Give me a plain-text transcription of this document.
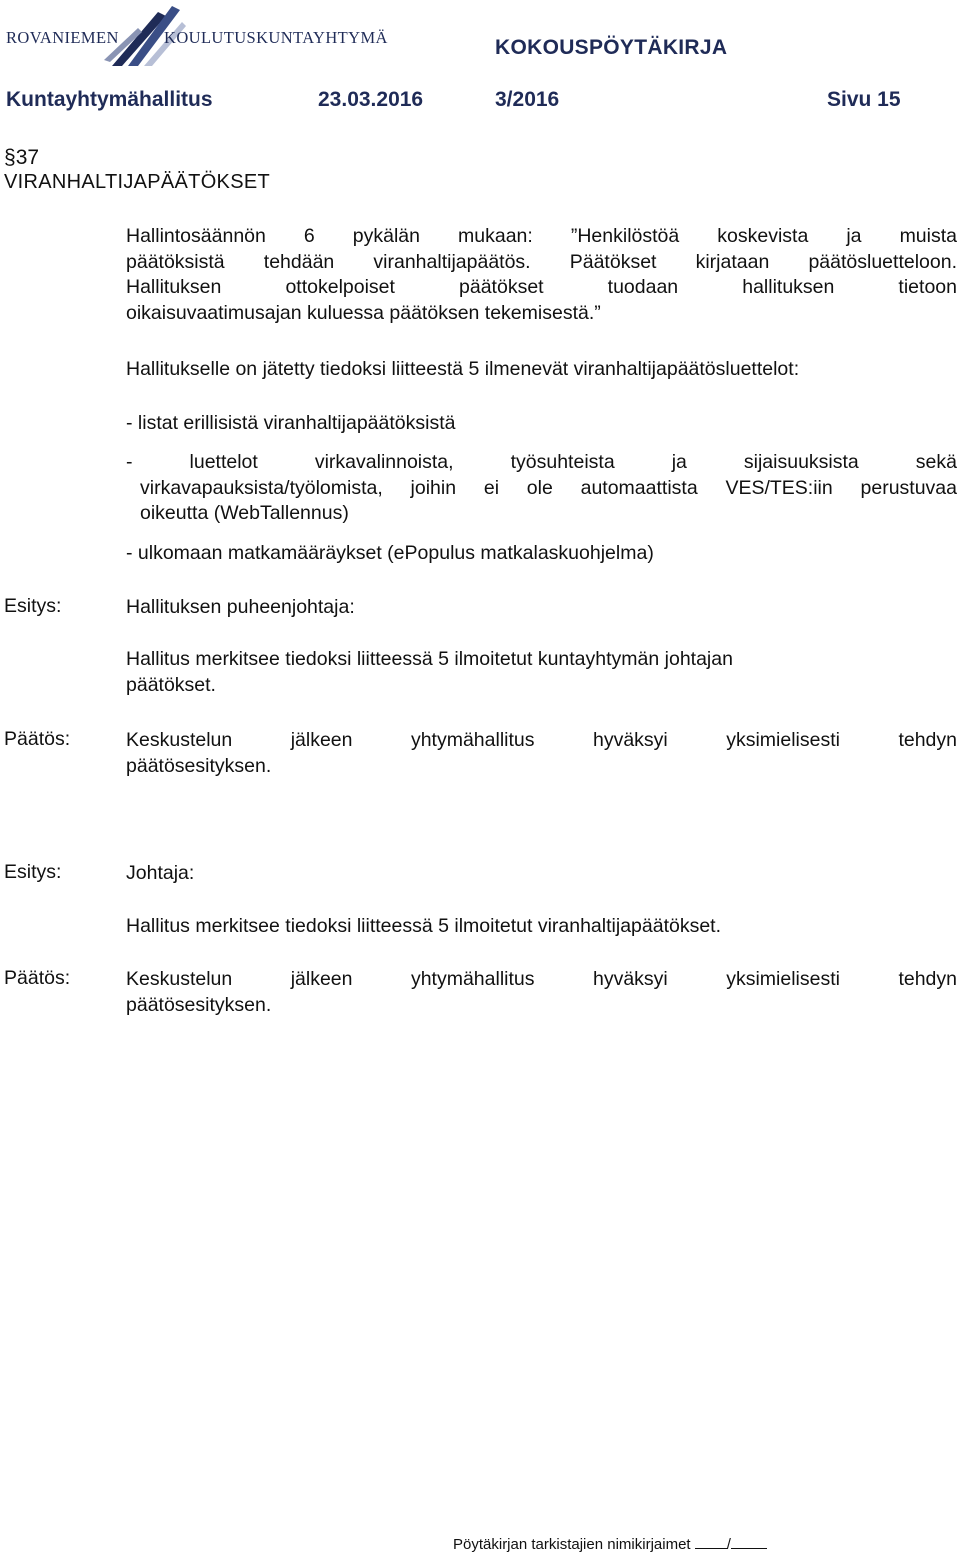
ROVANIEMEN	KOULUTUSKUNTAYHTYMÄ	KOKOUSPÖYTÄKIRJA
Kuntayhtymähallitus	23.03.2016	3/2016	Sivu 15
§37
VIRANHALTIJAPÄÄTÖKSET
Hallintosäännön 6 pykälän mukaan: ”Henkilöstöä koskevista ja muista
päätöksistä tehdään viranhaltijapäätös. Päätökset kirjataan päätösluetteloon.
Hallituksen ottokelpoiset päätökset tuodaan hallituksen tietoon
oikaisuvaatimusajan kuluessa päätöksen tekemisestä.”
Hallitukselle on jätetty tiedoksi liitteestä 5 ilmenevät viranhaltijapäätösluettelot:
- listat erillisistä viranhaltijapäätöksistä
- luettelot virkavalinnoista, työsuhteista ja sijaisuuksista sekä
virkavapauksista/työlomista, joihin ei ole automaattista VES/TES:iin perustuvaa
oikeutta (WebTallennus)
- ulkomaan matkamääräykset (ePopulus matkalaskuohjelma)
Esitys:	Hallituksen puheenjohtaja:
Hallitus merkitsee tiedoksi liitteessä 5 ilmoitetut kuntayhtymän johtajan
päätökset.
Päätös:	Keskustelun jälkeen yhtymähallitus hyväksyi yksimielisesti tehdyn
päätösesityksen.
Esitys:	Johtaja:
Hallitus merkitsee tiedoksi liitteessä 5 ilmoitetut viranhaltijapäätökset.
Päätös:	Keskustelun jälkeen yhtymähallitus hyväksyi yksimielisesti tehdyn
päätösesityksen.
Pöytäkirjan tarkistajien nimikirjaimet /
